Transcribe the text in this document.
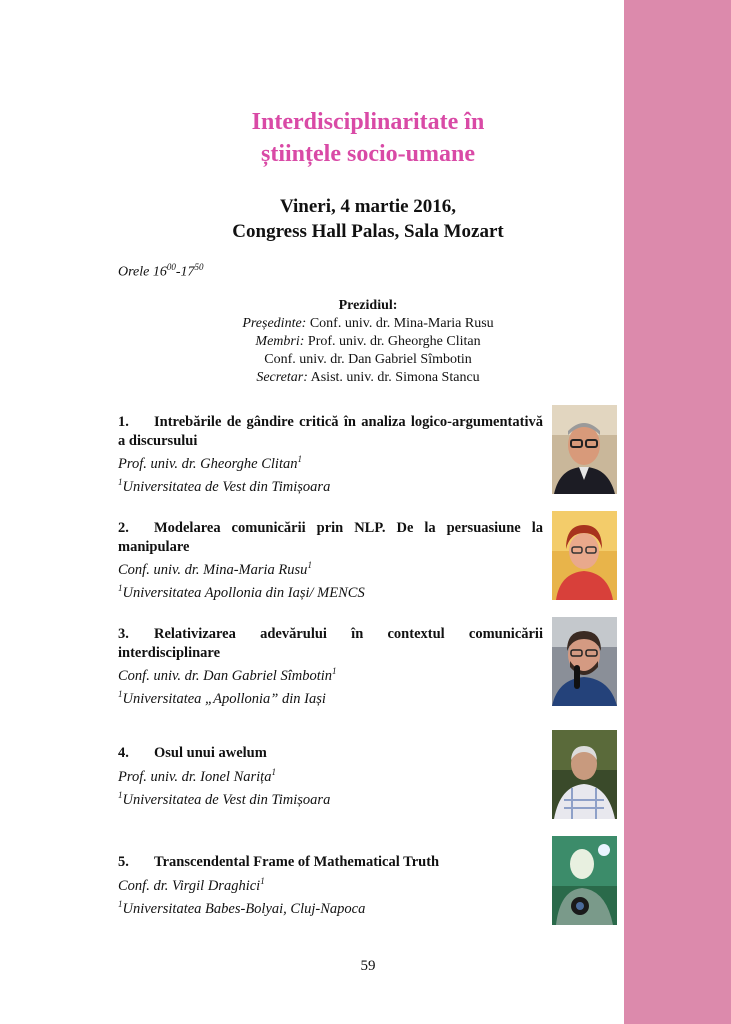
Interdisciplinaritate în
științele socio-umane
Vineri, 4 martie 2016,
Congress Hall Palas, Sala Mozart
Orele $16^{00}-17^{50}$
Prezidiul:
Președinte: Conf. univ. dr. Mina-Maria Rusu
Membri: Prof. univ. dr. Gheorghe Clitan
Conf. univ. dr. Dan Gabriel Sîmbotin
Secretar: Asist. univ. dr. Simona Stancu
1. Intrebările de gândire critică în analiza logico-argumentativă a discursului
Prof. univ. dr. Gheorghe Clitan$^1$
$^1$Universitatea de Vest din Timișoara
2. Modelarea comunicării prin NLP. De la persuasiune la manipulare
Conf. univ. dr. Mina-Maria Rusu$^1$
$^1$Universitatea Apollonia din Iași/ MENCS
3. Relativizarea adevărului în contextul comunicării interdisciplinare
Conf. univ. dr. Dan Gabriel Sîmbotin$^1$
$^1$Universitatea „Apollonia” din Iași
4. Osul unui awelum
Prof. univ. dr. Ionel Narița$^1$
$^1$Universitatea de Vest din Timișoara
5. Transcendental Frame of Mathematical Truth
Conf. dr. Virgil Draghici$^1$
$^1$Universitatea Babes-Bolyai, Cluj-Napoca
59
